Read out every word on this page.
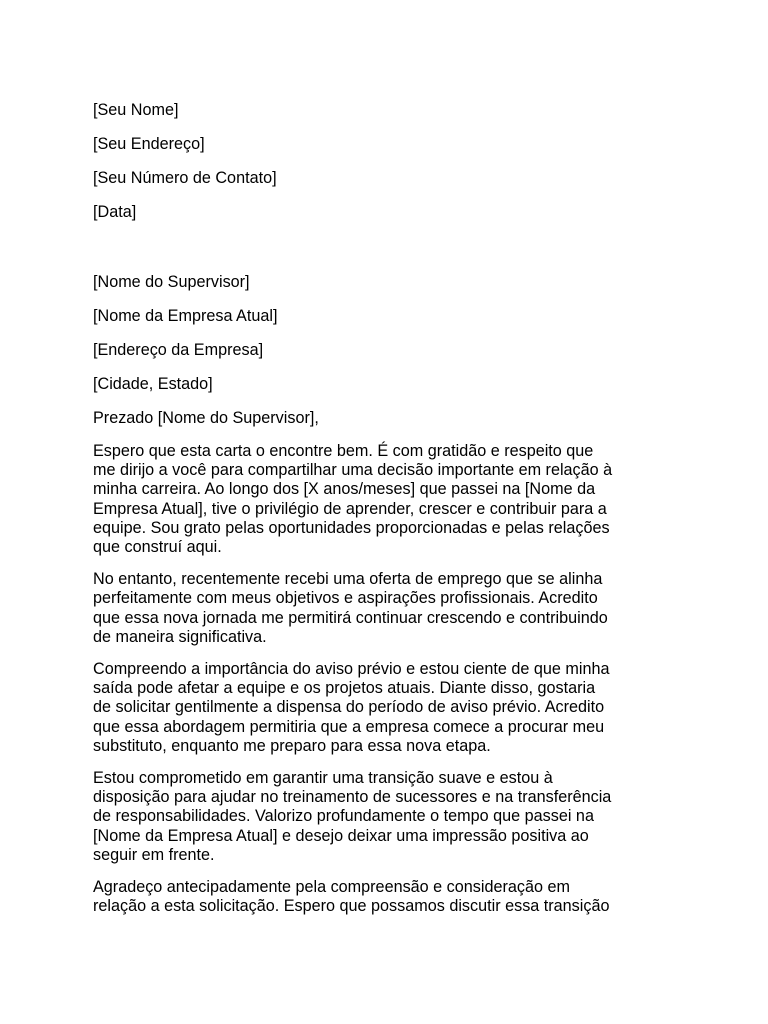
[Seu Nome]
[Seu Endereço]
[Seu Número de Contato]
[Data]
[Nome do Supervisor]
[Nome da Empresa Atual]
[Endereço da Empresa]
[Cidade, Estado]
Prezado [Nome do Supervisor],
Espero que esta carta o encontre bem. É com gratidão e respeito que
me dirijo a você para compartilhar uma decisão importante em relação à
minha carreira. Ao longo dos [X anos/meses] que passei na [Nome da
Empresa Atual], tive o privilégio de aprender, crescer e contribuir para a
equipe. Sou grato pelas oportunidades proporcionadas e pelas relações
que construí aqui.
No entanto, recentemente recebi uma oferta de emprego que se alinha
perfeitamente com meus objetivos e aspirações profissionais. Acredito
que essa nova jornada me permitirá continuar crescendo e contribuindo
de maneira significativa.
Compreendo a importância do aviso prévio e estou ciente de que minha
saída pode afetar a equipe e os projetos atuais. Diante disso, gostaria
de solicitar gentilmente a dispensa do período de aviso prévio. Acredito
que essa abordagem permitiria que a empresa comece a procurar meu
substituto, enquanto me preparo para essa nova etapa.
Estou comprometido em garantir uma transição suave e estou à
disposição para ajudar no treinamento de sucessores e na transferência
de responsabilidades. Valorizo profundamente o tempo que passei na
[Nome da Empresa Atual] e desejo deixar uma impressão positiva ao
seguir em frente.
Agradeço antecipadamente pela compreensão e consideração em
relação a esta solicitação. Espero que possamos discutir essa transição
